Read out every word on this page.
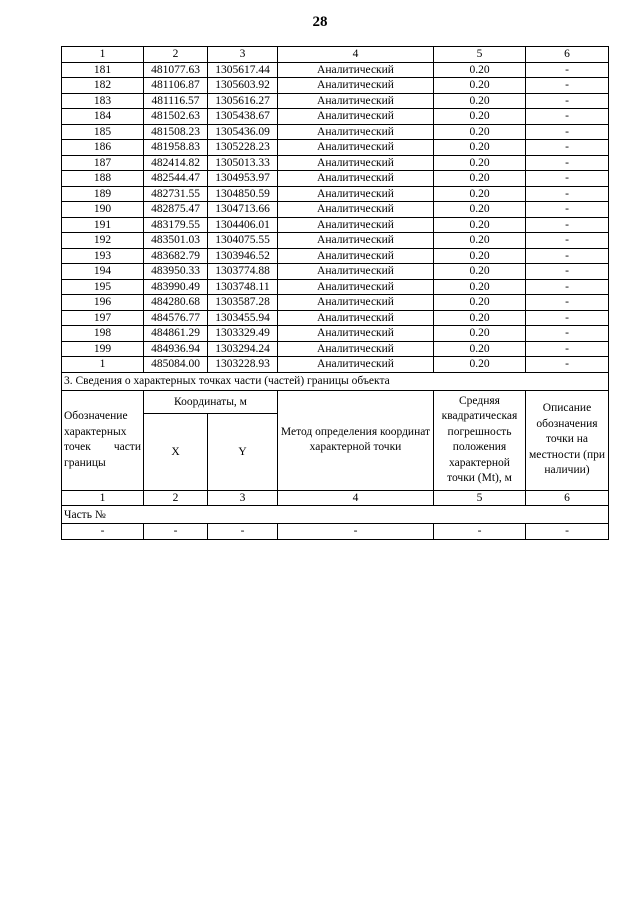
28
1	2	3	4	5	6
181	481077.63	1305617.44	Аналитический	0.20	-
182	481106.87	1305603.92	Аналитический	0.20	-
183	481116.57	1305616.27	Аналитический	0.20	-
184	481502.63	1305438.67	Аналитический	0.20	-
185	481508.23	1305436.09	Аналитический	0.20	-
186	481958.83	1305228.23	Аналитический	0.20	-
187	482414.82	1305013.33	Аналитический	0.20	-
188	482544.47	1304953.97	Аналитический	0.20	-
189	482731.55	1304850.59	Аналитический	0.20	-
190	482875.47	1304713.66	Аналитический	0.20	-
191	483179.55	1304406.01	Аналитический	0.20	-
192	483501.03	1304075.55	Аналитический	0.20	-
193	483682.79	1303946.52	Аналитический	0.20	-
194	483950.33	1303774.88	Аналитический	0.20	-
195	483990.49	1303748.11	Аналитический	0.20	-
196	484280.68	1303587.28	Аналитический	0.20	-
197	484576.77	1303455.94	Аналитический	0.20	-
198	484861.29	1303329.49	Аналитический	0.20	-
199	484936.94	1303294.24	Аналитический	0.20	-
1	485084.00	1303228.93	Аналитический	0.20	-
3. Сведения о характерных точках части (частей) границы объекта					
Обозначение характерных точек части границы	Координаты, м		Метод определения координат характерной точки	Средняя квадратическая погрешность положения характерной точки (Mt), м	Описание обозначения точки на местности (при наличии)
	X	Y			
1	2	3	4	5	6
Часть №					
-	-	-	-	-	-
